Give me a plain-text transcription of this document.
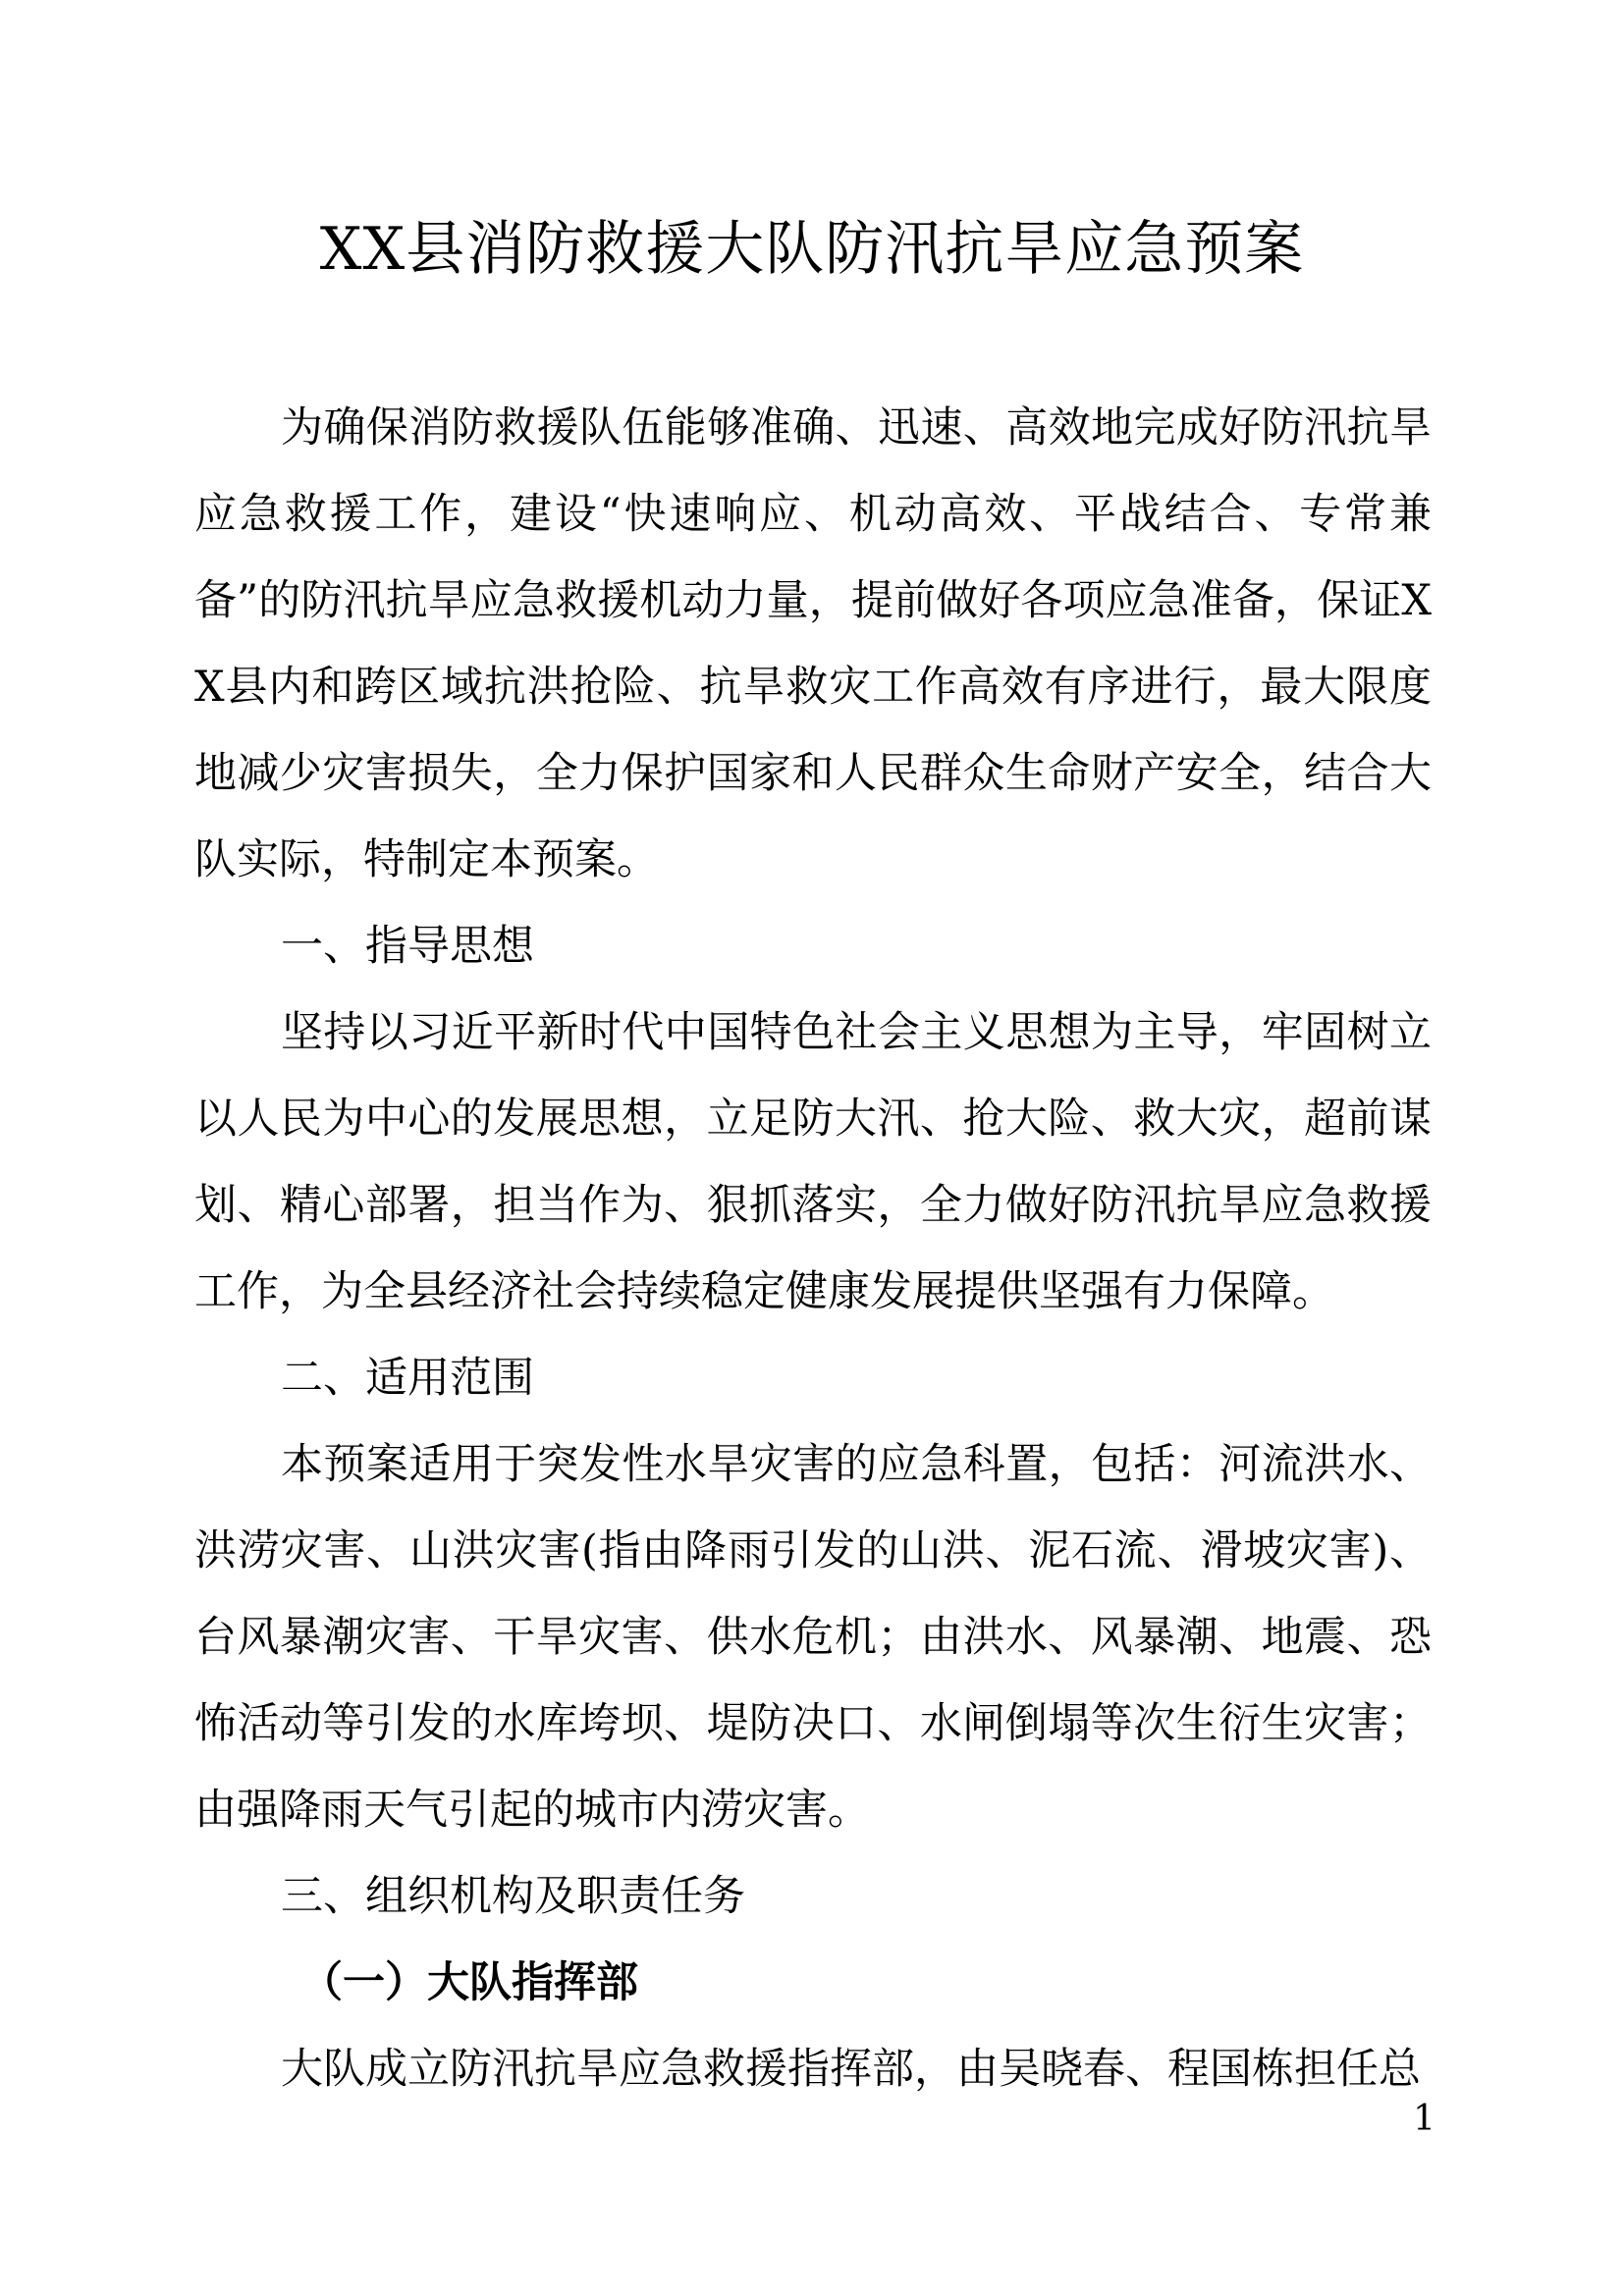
XX县消防救援大队防汛抗旱应急预案

为确保消防救援队伍能够准确、迅速、高效地完成好防汛抗旱应急救援工作，建设“快速响应、机动高效、平战结合、专常兼备”的防汛抗旱应急救援机动力量，提前做好各项应急准备，保证XX县内和跨区域抗洪抢险、抗旱救灾工作高效有序进行，最大限度地减少灾害损失，全力保护国家和人民群众生命财产安全，结合大队实际，特制定本预案。

一、指导思想

坚持以习近平新时代中国特色社会主义思想为主导，牢固树立以人民为中心的发展思想，立足防大汛、抢大险、救大灾，超前谋划、精心部署，担当作为、狠抓落实，全力做好防汛抗旱应急救援工作，为全县经济社会持续稳定健康发展提供坚强有力保障。

二、适用范围

本预案适用于突发性水旱灾害的应急科置，包括：河流洪水、洪涝灾害、山洪灾害(指由降雨引发的山洪、泥石流、滑坡灾害)、台风暴潮灾害、干旱灾害、供水危机；由洪水、风暴潮、地震、恐怖活动等引发的水库垮坝、堤防决口、水闸倒塌等次生衍生灾害；由强降雨天气引起的城市内涝灾害。

三、组织机构及职责任务

（一）大队指挥部

大队成立防汛抗旱应急救援指挥部，由吴晓春、程国栋担任总

1
